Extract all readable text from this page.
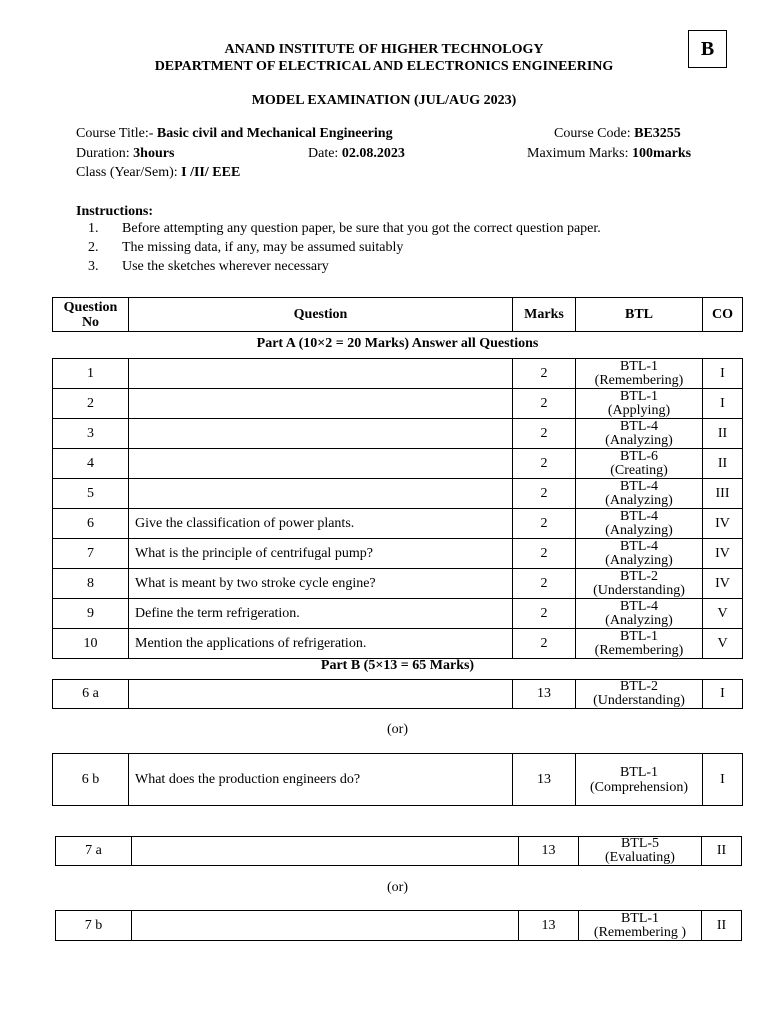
B
ANAND INSTITUTE OF HIGHER TECHNOLOGY
DEPARTMENT OF ELECTRICAL AND ELECTRONICS ENGINEERING
MODEL EXAMINATION (JUL/AUG 2023)
Course Title:- Basic civil and Mechanical Engineering	Course Code: BE3255
Duration: 3hours	Date: 02.08.2023	Maximum Marks: 100marks
Class (Year/Sem): I /II/ EEE
Instructions:
1. Before attempting any question paper, be sure that you got the correct question paper.
2. The missing data, if any, may be assumed suitably
3. Use the sketches wherever necessary
Question
No	Question	Marks	BTL	CO
Part A (10×2 = 20 Marks) Answer all Questions
1		2	BTL-1
(Remembering)	I
2		2	BTL-1
(Applying)	I
3		2	BTL-4
(Analyzing)	II
4		2	BTL-6
(Creating)	II
5		2	BTL-4
(Analyzing)	III
6	Give the classification of power plants.	2	BTL-4
(Analyzing)	IV
7	What is the principle of centrifugal pump?	2	BTL-4
(Analyzing)	IV
8	What is meant by two stroke cycle engine?	2	BTL-2
(Understanding)	IV
9	Define the term refrigeration.	2	BTL-4
(Analyzing)	V
10	Mention the applications of refrigeration.	2	BTL-1
(Remembering)	V
Part B (5×13 = 65 Marks)
6 a		13	BTL-2
(Understanding)	I
(or)
6 b	What does the production engineers do?	13	BTL-1
(Comprehension)
	I
7 a		13	BTL-5
(Evaluating)	II
(or)
7 b		13	BTL-1
(Remembering )	II
